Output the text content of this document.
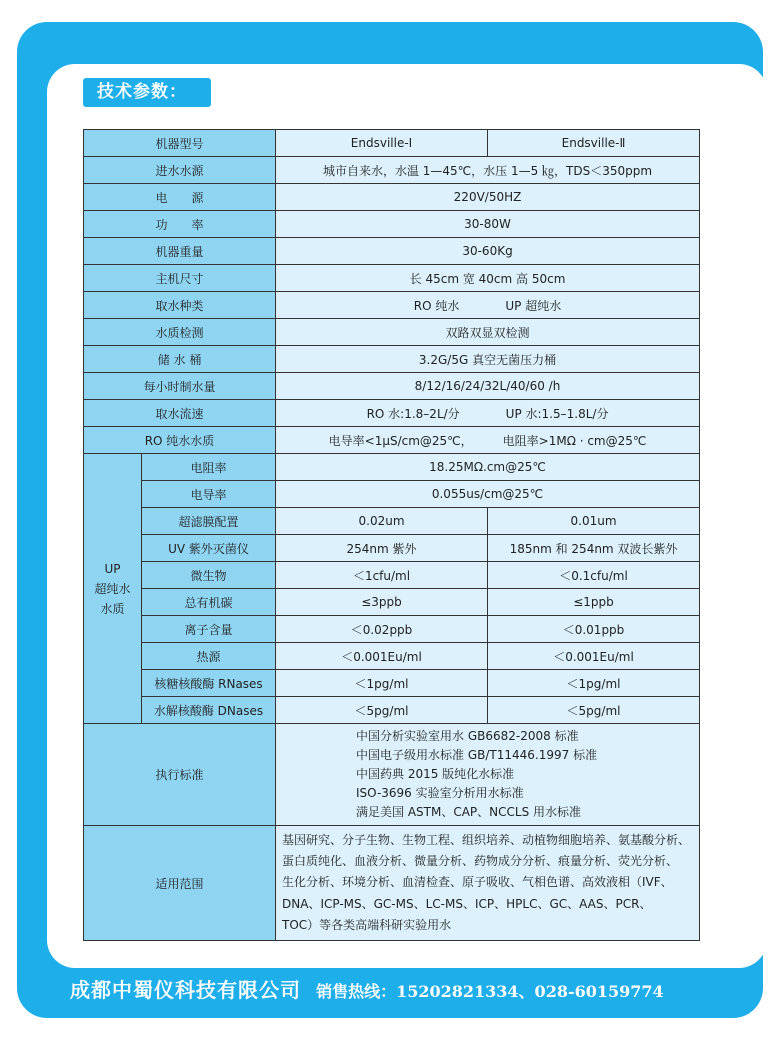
技术参数：
机器型号		Endsville-Ⅰ	Endsville-Ⅱ
进水水源		城市自来水，水温 1—45℃，水压 1—5 ㎏，TDS＜350ppm	
电　　源		220V/50HZ	
功　　率		30-80W	
机器重量		30-60Kg	
主机尺寸		长 45cm 宽 40cm 高 50cm	
取水种类		RO 纯水 UP 超纯水	
水质检测		双路双显双检测	
储 水 桶		3.2G/5G 真空无菌压力桶	
每小时制水量		8/12/16/24/32L/40/60 /h	
取水流速		RO 水:1.8–2L/分 UP 水:1.5–1.8L/分	
RO 纯水水质		电导率<1μS/cm@25℃， 电阻率>1MΩ · cm@25℃	

UP
超纯水
水质	电阻率	18.25MΩ.cm@25℃	
	电导率	0.055us/cm@25℃	
	超滤膜配置	0.02um	0.01um
	UV 紫外灭菌仪	254nm 紫外	185nm 和 254nm 双波长紫外
	微生物	＜1cfu/ml	＜0.1cfu/ml
	总有机碳	≤3ppb	≤1ppb
	离子含量	＜0.02ppb	＜0.01ppb
	热源	＜0.001Eu/ml	＜0.001Eu/ml
	核糖核酸酶 RNases	＜1pg/ml	＜1pg/ml
	水解核酸酶 DNases	＜5pg/ml	＜5pg/ml
执行标准		中国分析实验室用水 GB6682-2008 标准
中国电子级用水标准 GB/T11446.1997 标准
中国药典 2015 版纯化水标准
ISO-3696 实验室分析用水标准
满足美国 ASTM、CAP、NCCLS 用水标准	

适用范围		基因研究、分子生物、生物工程、组织培养、动植物细胞培养、氨基酸分析、
蛋白质纯化、血液分析、微量分析、药物成分分析、痕量分析、荧光分析、
生化分析、环境分析、血清检查、原子吸收、气相色谱、高效液相（IVF、
DNA、ICP-MS、GC-MS、LC-MS、ICP、HPLC、GC、AAS、PCR、
TOC）等各类高端科研实验用水	
成都中蜀仪科技有限公司 销售热线：15202821334、028-60159774
